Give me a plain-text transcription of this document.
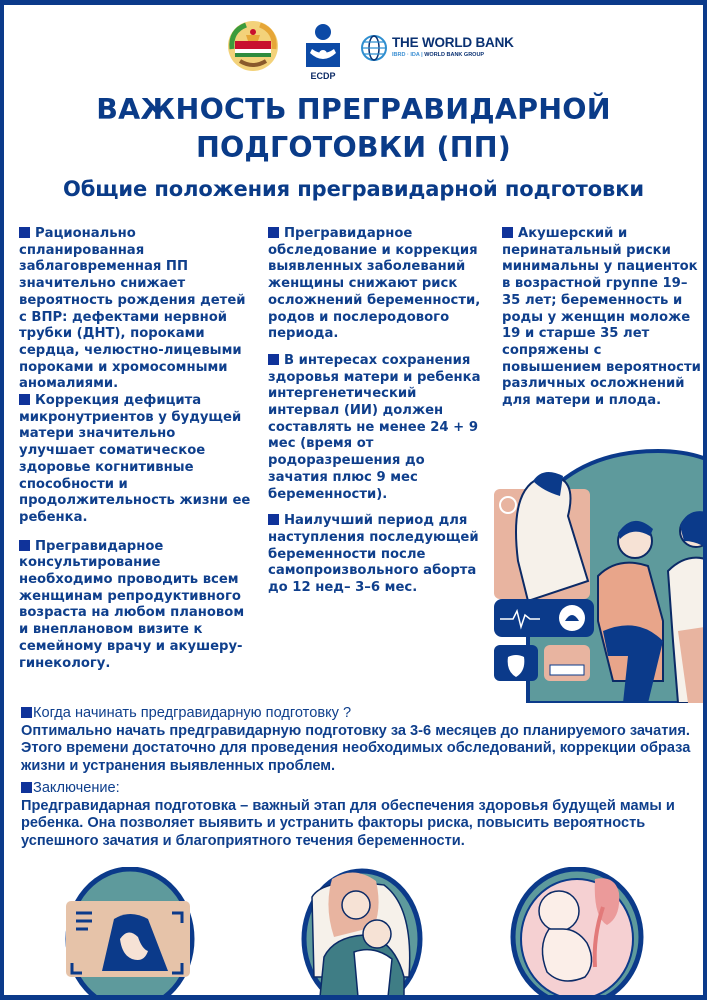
ECDP
THE WORLD BANK
IBRD · IDA | WORLD BANK GROUP
ВАЖНОСТЬ ПРЕГРАВИДАРНОЙ
ПОДГОТОВКИ (ПП)
Общие положения прегравидарной подготовки

Рационально спланированная заблаговременная ПП значительно снижает вероятность рождения детей с ВПР: дефектами нервной трубки (ДНТ), пороками сердца, челюстно-лицевыми пороками и хромосомными аномалиями.

Коррекция дефицита микронутриентов у будущей матери значительно улучшает соматическое здоровье когнитивные способности и продолжительность жизни ее ребенка.

Прегравидарное консультирование необходимо проводить всем женщинам репродуктивного возраста на любом плановом и внеплановом визите к семейному врачу и акушеру-гинекологу.

Прегравидарное обследование и коррекция выявленных заболеваний женщины снижают риск осложнений беременности, родов и послеродового периода.

В интересах сохранения здоровья матери и ребенка интергенетический интервал (ИИ) должен составлять не менее 24 + 9 мес (время от родоразрешения до зачатия плюс 9 мес беременности).

Наилучший период для наступления последующей беременности после самопроизвольного аборта до 12 нед– 3–6 мес.

Акушерский и перинатальный риски минимальны у пациенток в возрастной группе 19–35 лет; беременность и роды у женщин моложе 19 и старше 35 лет сопряжены с повышением вероятности различных осложнений для матери и плода.

Когда начинать предгравидарную подготовку ?
Оптимально начать предгравидарную подготовку за 3-6 месяцев до планируемого зачатия. Этого времени достаточно для проведения необходимых обследований, коррекции образа жизни и устранения выявленных проблем.
Заключение:
Предгравидарная подготовка – важный этап для обеспечения здоровья будущей мамы и ребенка. Она позволяет выявить и устранить факторы риска, повысить вероятность успешного зачатия и благоприятного течения беременности.
